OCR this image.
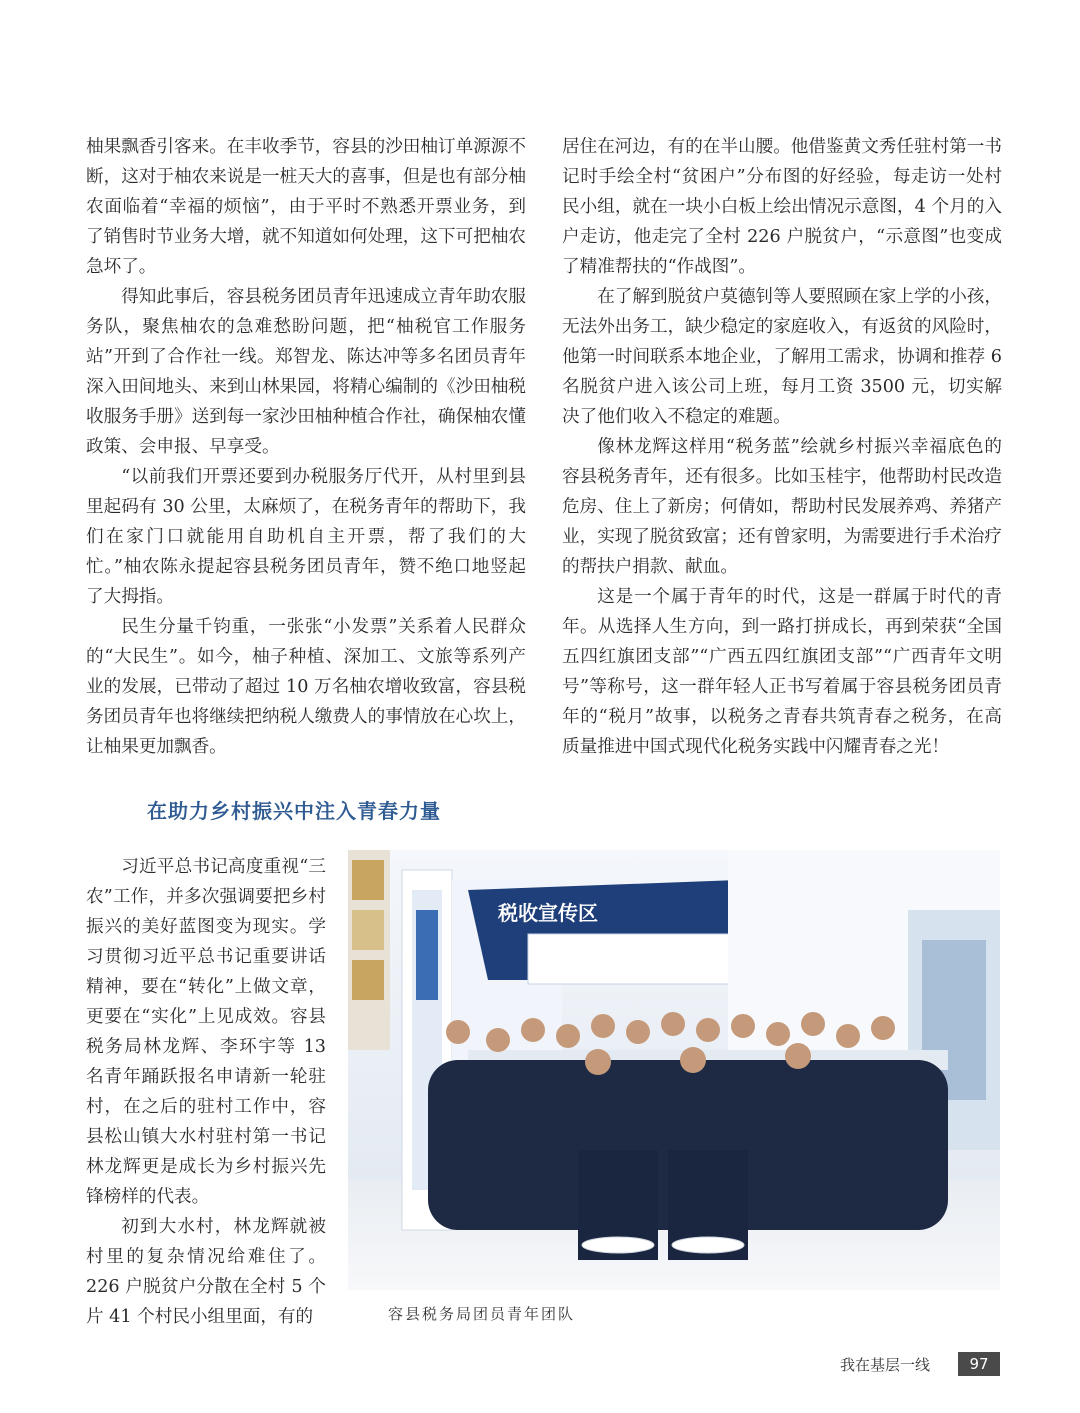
柚果飘香引客来。在丰收季节，容县的沙田柚订单源源不断，这对于柚农来说是一桩天大的喜事，但是也有部分柚农面临着“幸福的烦恼”，由于平时不熟悉开票业务，到了销售时节业务大增，就不知道如何处理，这下可把柚农急坏了。

得知此事后，容县税务团员青年迅速成立青年助农服务队，聚焦柚农的急难愁盼问题，把“柚税官工作服务站”开到了合作社一线。郑智龙、陈达冲等多名团员青年深入田间地头、来到山林果园，将精心编制的《沙田柚税收服务手册》送到每一家沙田柚种植合作社，确保柚农懂政策、会申报、早享受。

“以前我们开票还要到办税服务厅代开，从村里到县里起码有 30 公里，太麻烦了，在税务青年的帮助下，我们在家门口就能用自助机自主开票，帮了我们的大忙。”柚农陈永提起容县税务团员青年，赞不绝口地竖起了大拇指。

民生分量千钧重，一张张“小发票”关系着人民群众的“大民生”。如今，柚子种植、深加工、文旅等系列产业的发展，已带动了超过 10 万名柚农增收致富，容县税务团员青年也将继续把纳税人缴费人的事情放在心坎上，让柚果更加飘香。

居住在河边，有的在半山腰。他借鉴黄文秀任驻村第一书记时手绘全村“贫困户”分布图的好经验，每走访一处村民小组，就在一块小白板上绘出情况示意图，4 个月的入户走访，他走完了全村 226 户脱贫户，“示意图”也变成了精准帮扶的“作战图”。

在了解到脱贫户莫德钊等人要照顾在家上学的小孩，无法外出务工，缺少稳定的家庭收入，有返贫的风险时，他第一时间联系本地企业，了解用工需求，协调和推荐 6 名脱贫户进入该公司上班，每月工资 3500 元，切实解决了他们收入不稳定的难题。

像林龙辉这样用“税务蓝”绘就乡村振兴幸福底色的容县税务青年，还有很多。比如玉桂宇，他帮助村民改造危房、住上了新房；何倩如，帮助村民发展养鸡、养猪产业，实现了脱贫致富；还有曾家明，为需要进行手术治疗的帮扶户捐款、献血。

这是一个属于青年的时代，这是一群属于时代的青年。从选择人生方向，到一路打拼成长，再到荣获“全国五四红旗团支部”“广西五四红旗团支部”“广西青年文明号”等称号，这一群年轻人正书写着属于容县税务团员青年的“税月”故事，以税务之青春共筑青春之税务，在高质量推进中国式现代化税务实践中闪耀青春之光！

在助力乡村振兴中注入青春力量

习近平总书记高度重视“三农”工作，并多次强调要把乡村振兴的美好蓝图变为现实。学习贯彻习近平总书记重要讲话精神，要在“转化”上做文章，更要在“实化”上见成效。容县税务局林龙辉、李环宇等 13 名青年踊跃报名申请新一轮驻村，在之后的驻村工作中，容县松山镇大水村驻村第一书记林龙辉更是成长为乡村振兴先锋榜样的代表。

初到大水村，林龙辉就被村里的复杂情况给难住了。226 户脱贫户分散在全村 5 个片 41 个村民小组里面，有的

税收宣传区
容县税务局团员青年团队
我在基层一线	97
